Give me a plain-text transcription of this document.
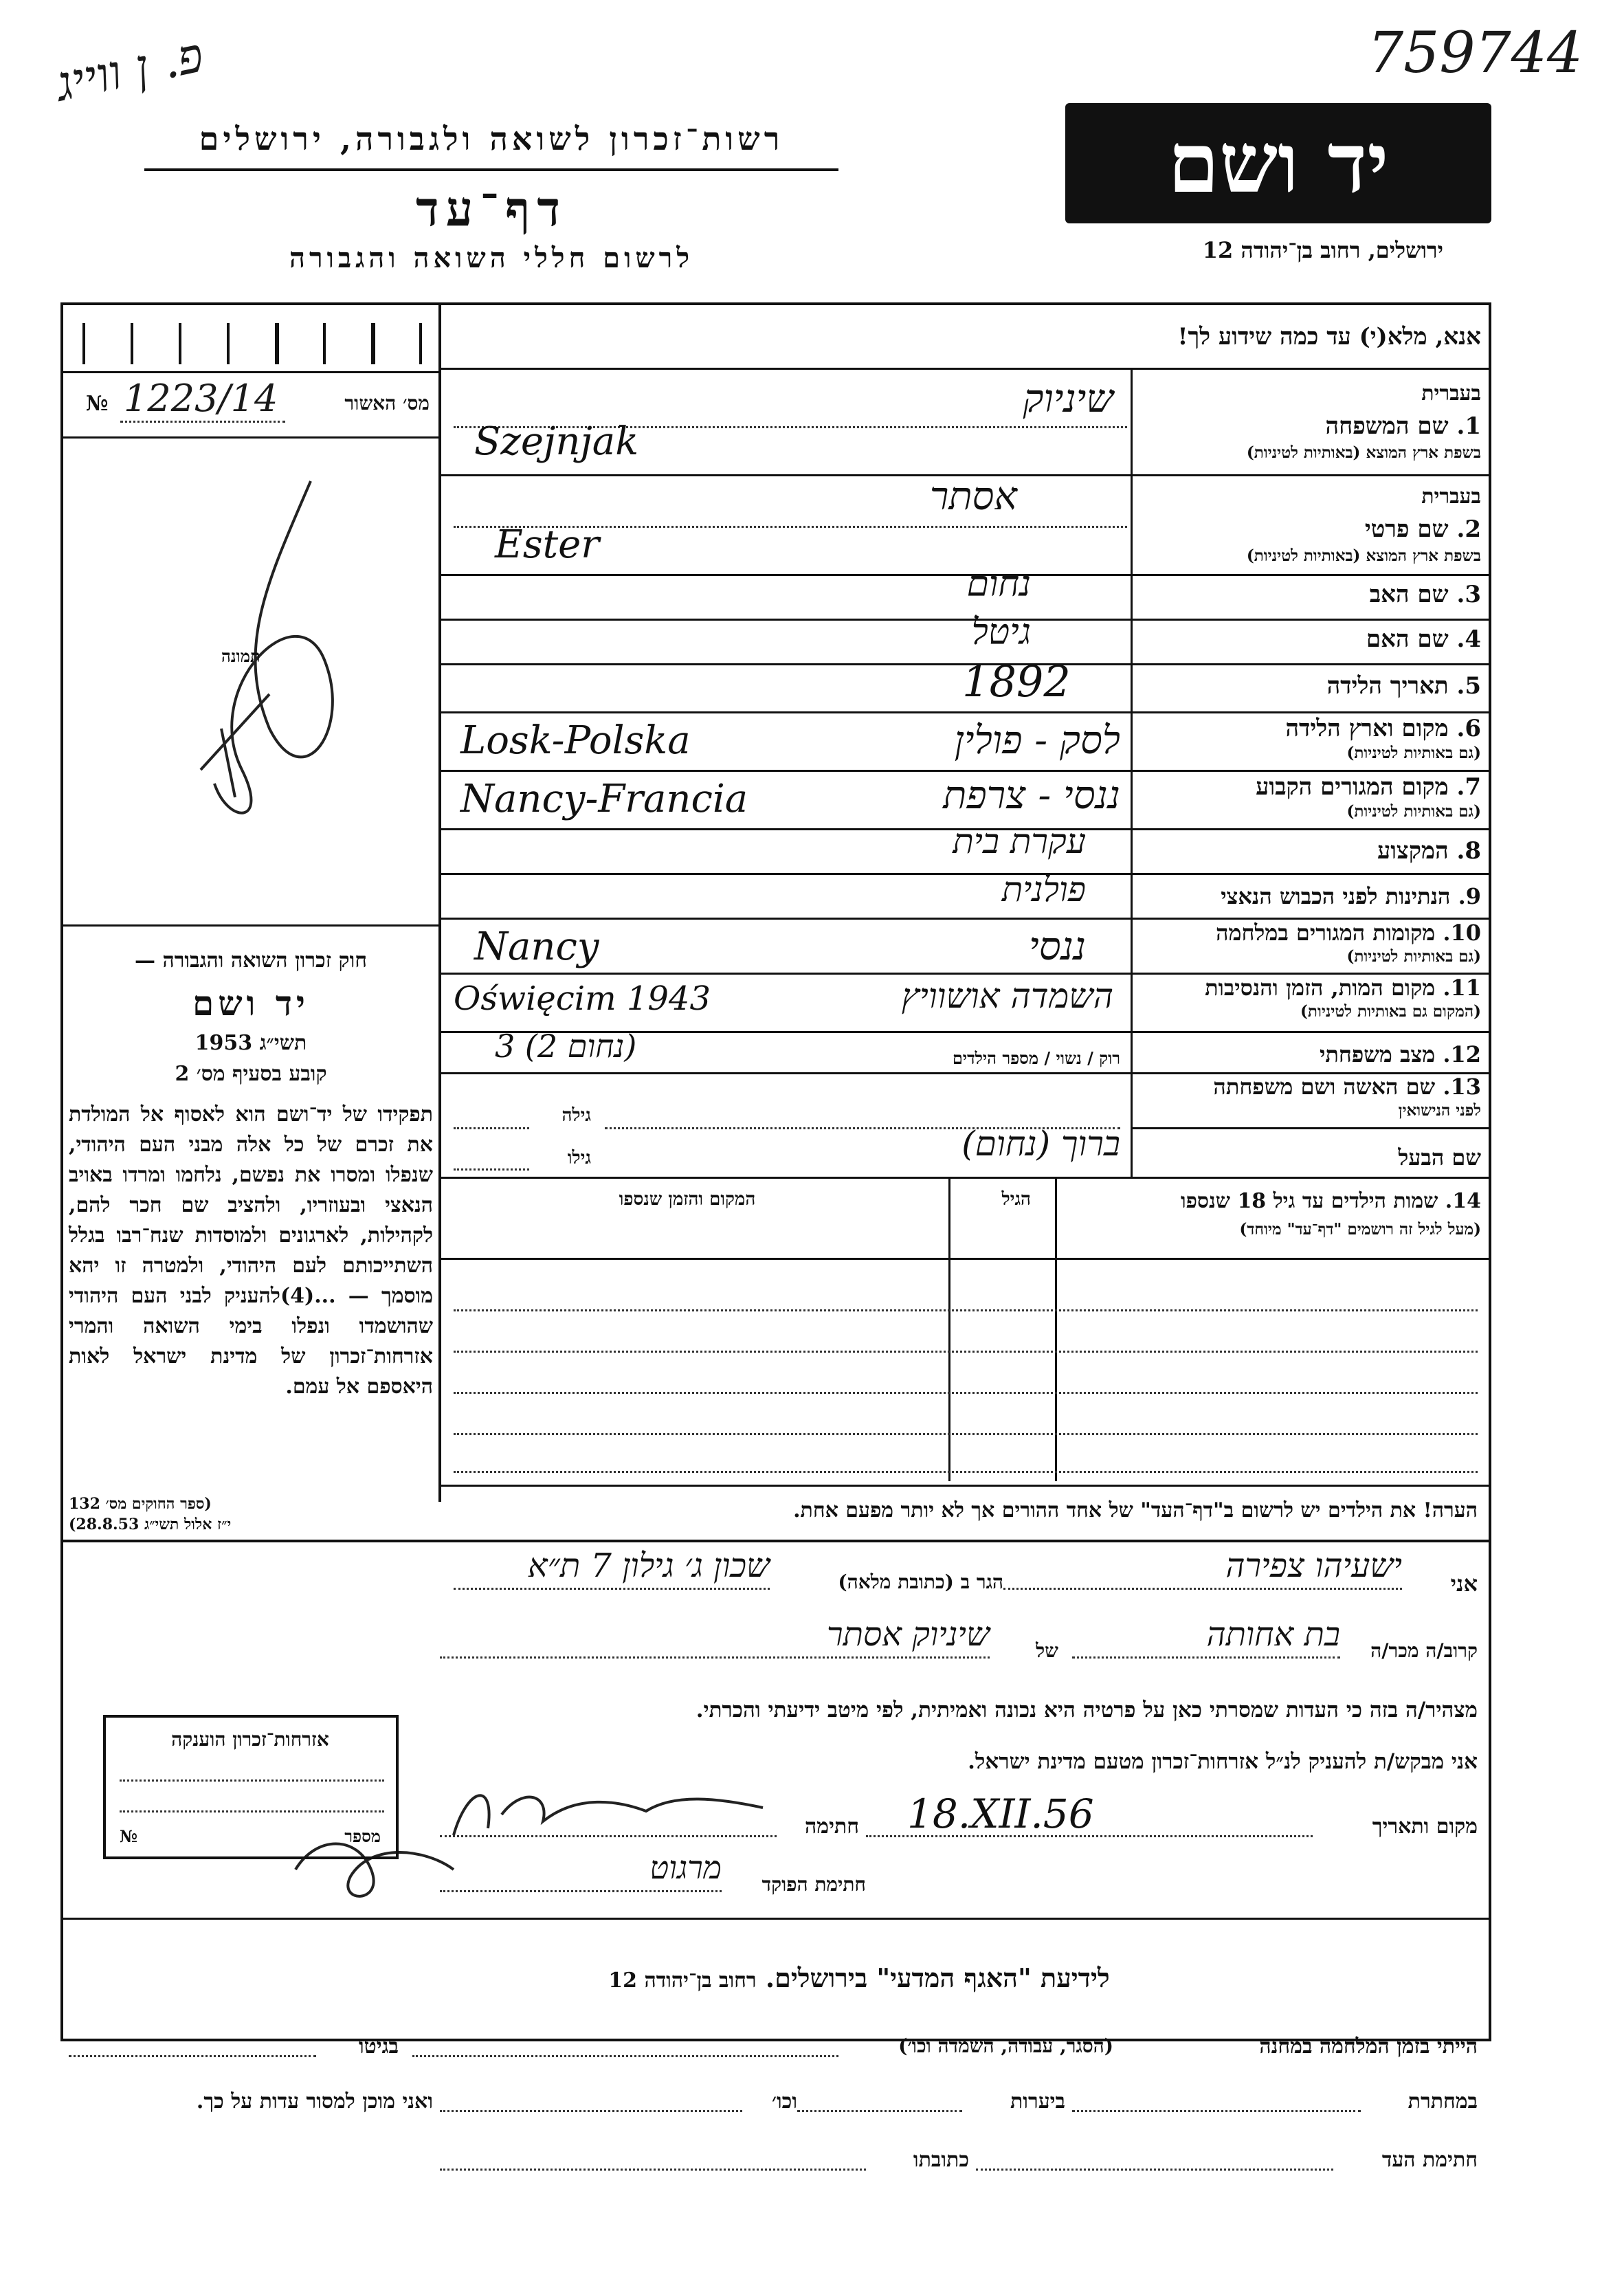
759744
פ. ן ווייג
רשות־זכרון לשואה ולגבורה, ירושלים
דף־עד
לרשום חללי השואה והגבורה
יד ושם
ירושלים, רחוב בן־יהודה 12
אנא, מלא(י) עד כמה שידוע לך!
מס׳ האשור
№ 1223/14
תמונה
חוק זכרון השואה והגבורה —
יד ושם
תשי״ג 1953
קובע בסעיף מס׳ 2
תפקידו של יד־ושם הוא לאסוף אל המולדת את זכרם של כל אלה מבני העם היהודי, שנפלו ומסרו את נפשם, נלחמו ומרדו באויב הנאצי ובעוזריו, ולהציב שם חכר להם, לקהילות, לארגונים ולמוסדות שנח־רבו בגלל השתייכותם לעם היהודי, ולמטרה זו יהא מוסמך — ...(4)להעניק לבני העם היהודי שהושמדו ונפלו בימי השואה והמרי אזרחות־זכרון של מדינת ישראל לאות היאספם אל עמם.
(ספר החוקים מס׳ 132
י״ז אלול תשי״ג 28.8.53)
בעברית
1. שם המשפחה
בשפת ארץ המוצא (באותיות לטיניות)
שיניוק
Szejnjak
בעברית
2. שם פרטי
בשפת ארץ המוצא (באותיות לטיניות)
אסתר
Ester
3. שם האב
נחום
4. שם האם
גיטל
5. תאריך הלידה
1892
6. מקום וארץ הלידה
(גם באותיות לטיניות)
לסק - פולין
Losk-Polska
7. מקום המגורים הקבוע
(גם באותיות לטיניות)
ננסי - צרפת
Nancy-Francia
8. המקצוע
עקרת בית
9. הנתינות לפני הכבוש הנאצי
פולנית
10. מקומות המגורים במלחמה
(גם באותיות לטיניות)
ננסי
Nancy
11. מקום המות, הזמן והנסיבות
(המקום גם באותיות לטיניות)
השמדה אושוויץ
Oświęcim 1943
12. מצב משפחתי
רוק / נשוי / מספר הילדים
3 (2 נחום)
13. שם האשה ושם משפחתה
לפני הנישואין
גילה
שם הבעל
ברוך (נחום)
גילו
14. שמות הילדים עד גיל 18 שנספו
(מעל לגיל זה רושמים "דף־עד" מיוחד)
הגיל
המקום והזמן שנספו
הערה! את הילדים יש לרשום ב"דף־העד" של אחד ההורים אך לא יותר מפעם אחת.
אני
ישעיהו צפירה
הגר ב (כתובת מלאה)
שכון ג׳ גילון 7 ת״א
קרוב/ה מכר/ה
בת אחותה
של
שיניוק אסתר
מצהיר/ה בזה כי העדות שמסרתי כאן על פרטיה היא נכונה ואמיתית, לפי מיטב ידיעתי והכרתי.
אני מבקש/ת להעניק לנ״ל אזרחות־זכרון מטעם מדינת ישראל.
מקום ותאריך
18.XII.56
חתימה
חתימת הפוקד
מרגוט
אזרחות־זכרון הוענקה
מספר
№
לידיעת "האגף המדעי" בירושלים. רחוב בן־יהודה 12
הייתי בזמן המלחמה במחנה
(הסגר, עבודה, השמדה וכו׳)
בגיטו
במחתרת
ביערות
וכו׳
ואני מוכן למסור עדות על כך.
חתימת העד
כתובתו
